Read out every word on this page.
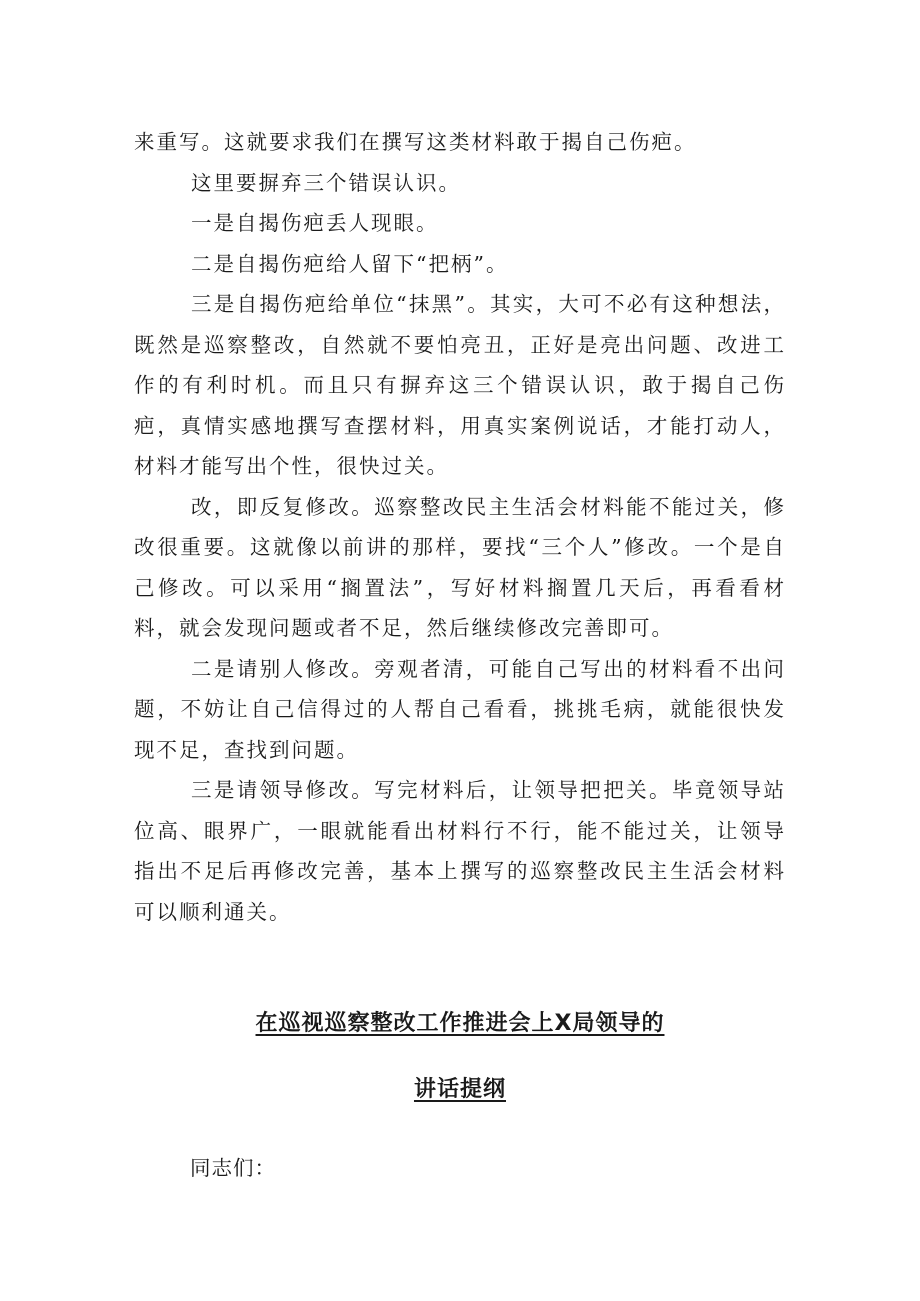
来重写。这就要求我们在撰写这类材料敢于揭自己伤疤。

这里要摒弃三个错误认识。

一是自揭伤疤丢人现眼。

二是自揭伤疤给人留下“把柄”。

三是自揭伤疤给单位“抹黑”。其实，大可不必有这种想法，既然是巡察整改，自然就不要怕亮丑，正好是亮出问题、改进工作的有利时机。而且只有摒弃这三个错误认识，敢于揭自己伤疤，真情实感地撰写查摆材料，用真实案例说话，才能打动人，材料才能写出个性，很快过关。

改，即反复修改。巡察整改民主生活会材料能不能过关，修改很重要。这就像以前讲的那样，要找“三个人”修改。一个是自己修改。可以采用“搁置法”，写好材料搁置几天后，再看看材料，就会发现问题或者不足，然后继续修改完善即可。

二是请别人修改。旁观者清，可能自己写出的材料看不出问题，不妨让自己信得过的人帮自己看看，挑挑毛病，就能很快发现不足，查找到问题。

三是请领导修改。写完材料后，让领导把把关。毕竟领导站位高、眼界广，一眼就能看出材料行不行，能不能过关，让领导指出不足后再修改完善，基本上撰写的巡察整改民主生活会材料可以顺利通关。

在巡视巡察整改工作推进会上X局领导的

讲话提纲

同志们：
